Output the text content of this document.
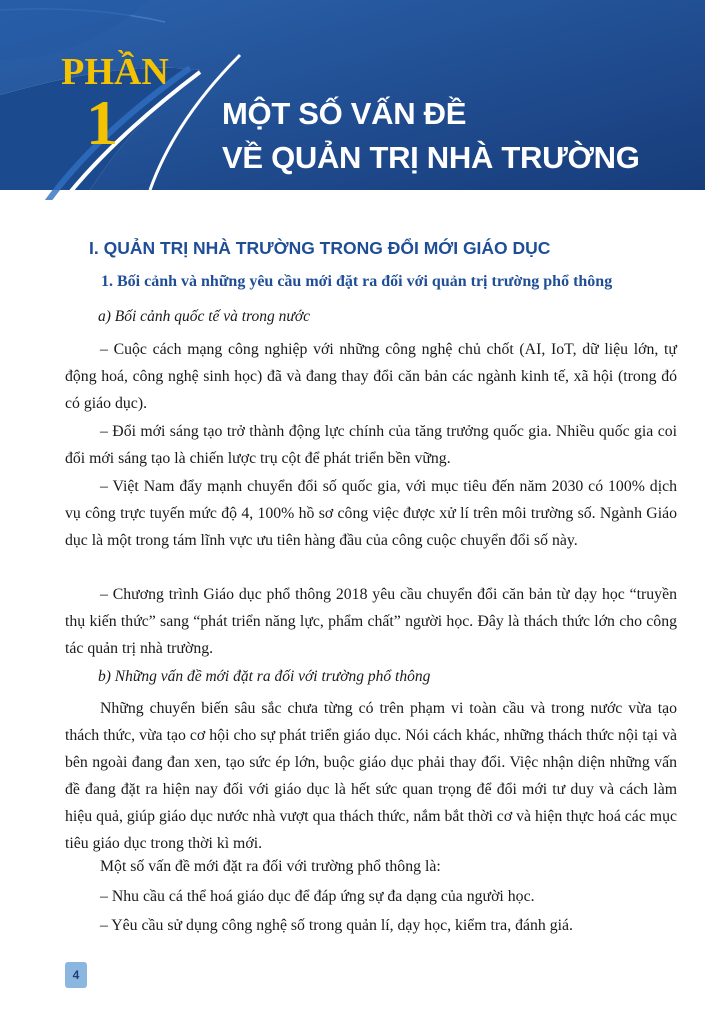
PHẦN
1	MỘT SỐ VẤN ĐỀ
VỀ QUẢN TRỊ NHÀ TRƯỜNG
I. QUẢN TRỊ NHÀ TRƯỜNG TRONG ĐỔI MỚI GIÁO DỤC
1. Bối cảnh và những yêu cầu mới đặt ra đối với quản trị trường phổ thông
a) Bối cảnh quốc tế và trong nước
– Cuộc cách mạng công nghiệp với những công nghệ chủ chốt (AI, IoT, dữ liệu lớn, tự động hoá, công nghệ sinh học) đã và đang thay đổi căn bản các ngành kinh tế, xã hội (trong đó có giáo dục).
– Đổi mới sáng tạo trở thành động lực chính của tăng trưởng quốc gia. Nhiều quốc gia coi đổi mới sáng tạo là chiến lược trụ cột để phát triển bền vững.
– Việt Nam đẩy mạnh chuyển đổi số quốc gia, với mục tiêu đến năm 2030 có 100% dịch vụ công trực tuyến mức độ 4, 100% hồ sơ công việc được xử lí trên môi trường số. Ngành Giáo dục là một trong tám lĩnh vực ưu tiên hàng đầu của công cuộc chuyển đổi số này.
– Chương trình Giáo dục phổ thông 2018 yêu cầu chuyển đổi căn bản từ dạy học “truyền thụ kiến thức” sang “phát triển năng lực, phẩm chất” người học. Đây là thách thức lớn cho công tác quản trị nhà trường.
b) Những vấn đề mới đặt ra đối với trường phổ thông
Những chuyển biến sâu sắc chưa từng có trên phạm vi toàn cầu và trong nước vừa tạo thách thức, vừa tạo cơ hội cho sự phát triển giáo dục. Nói cách khác, những thách thức nội tại và bên ngoài đang đan xen, tạo sức ép lớn, buộc giáo dục phải thay đổi. Việc nhận diện những vấn đề đang đặt ra hiện nay đối với giáo dục là hết sức quan trọng để đổi mới tư duy và cách làm hiệu quả, giúp giáo dục nước nhà vượt qua thách thức, nắm bắt thời cơ và hiện thực hoá các mục tiêu giáo dục trong thời kì mới.
Một số vấn đề mới đặt ra đối với trường phổ thông là:
– Nhu cầu cá thể hoá giáo dục để đáp ứng sự đa dạng của người học.
– Yêu cầu sử dụng công nghệ số trong quản lí, dạy học, kiểm tra, đánh giá.
4
